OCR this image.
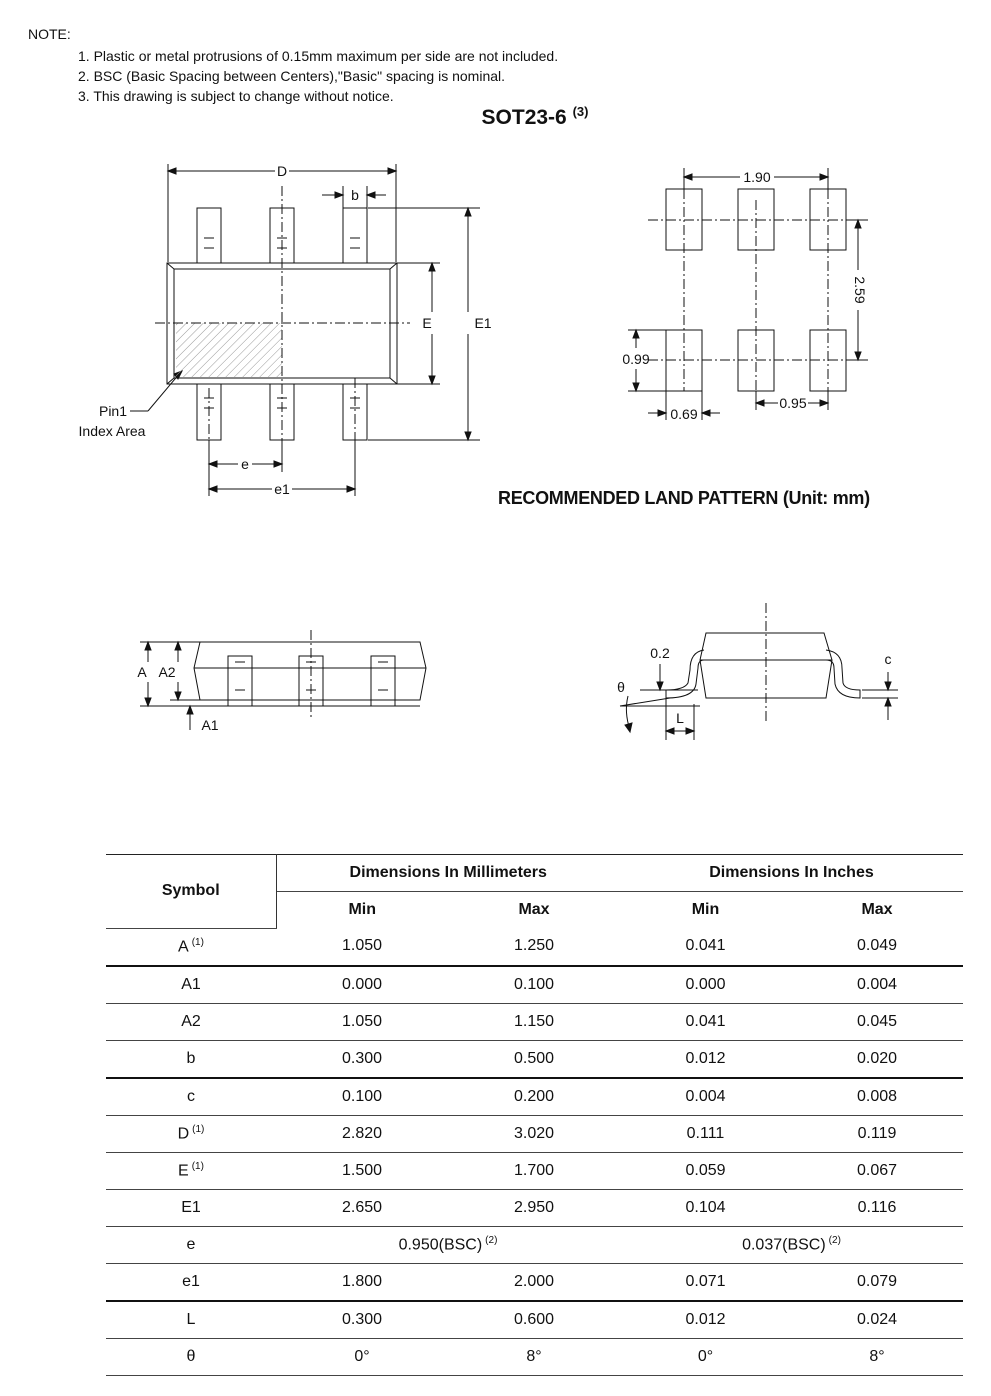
NOTE:
1. Plastic or metal protrusions of 0.15mm maximum per side are not included.
2. BSC (Basic Spacing between Centers),"Basic" spacing is nominal.
3. This drawing is subject to change without notice.
SOT23-6 $^{(3)}$
D
b
E	E1
e
e1
Pin1
Index Area
1.90
2.59
0.99
0.69
0.95
RECOMMENDED LAND PATTERN (Unit: mm)
A A2
A1
0.2
θ
L
c
Symbol	Dimensions In Millimeters		Dimensions In Inches	
	Min	Max	Min	Max
A $^{(1)}$	1.050	1.250	0.041	0.049
A1	0.000	0.100	0.000	0.004
A2	1.050	1.150	0.041	0.045
b	0.300	0.500	0.012	0.020
c	0.100	0.200	0.004	0.008
D $^{(1)}$	2.820	3.020	0.111	0.119
E $^{(1)}$	1.500	1.700	0.059	0.067
E1	2.650	2.950	0.104	0.116
e	0.950(BSC) $^{(2)}$		0.037(BSC) $^{(2)}$
e1	1.800	2.000	0.071	0.079
L	0.300	0.600	0.012	0.024
θ	0°	8°	0°	8°
